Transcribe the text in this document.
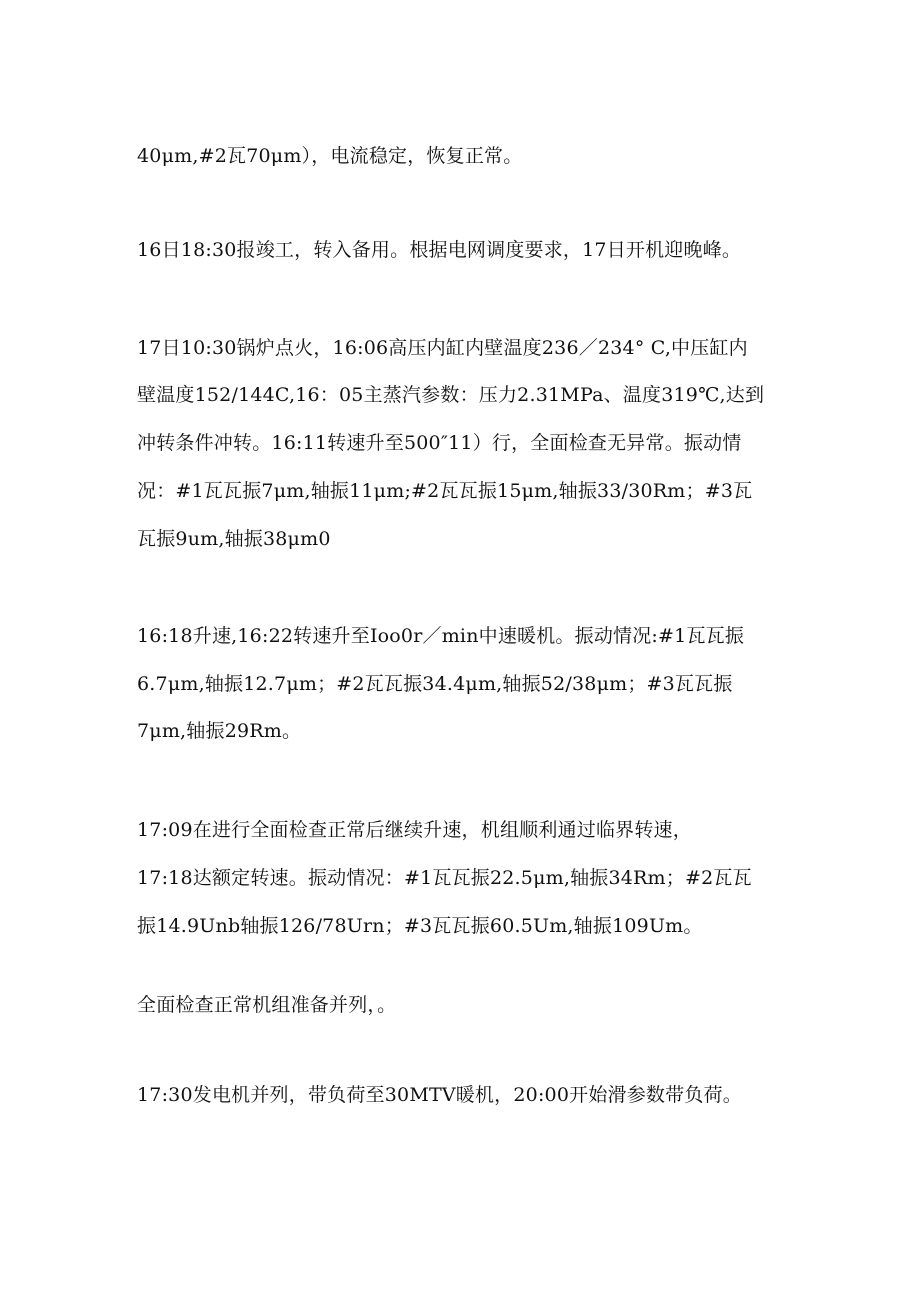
40μm,#2瓦70μm），电流稳定，恢复正常。
16日18:30报竣工，转入备用。根据电网调度要求，17日开机迎晚峰。
17日10:30锅炉点火，16:06高压内缸内壁温度236／234° C,中压缸内
壁温度152/144C,16：05主蒸汽参数：压力2.31MPa、温度319℃,达到
冲转条件冲转。16:11转速升至500″11）行，全面检查无异常。振动情
况：#1瓦瓦振7μm,轴振11μm;#2瓦瓦振15μm,轴振33/30Rm；#3瓦
瓦振9um,轴振38μm0
16:18升速,16:22转速升至Ioo0r／min中速暖机。振动情况:#1瓦瓦振
6.7μm,轴振12.7μm；#2瓦瓦振34.4μm,轴振52/38μm；#3瓦瓦振
7μm,轴振29Rm。
17:09在进行全面检查正常后继续升速，机组顺利通过临界转速，
17:18达额定转速。振动情况：#1瓦瓦振22.5μm,轴振34Rm；#2瓦瓦
振14.9Unb轴振126/78Urn；#3瓦瓦振60.5Um,轴振109Um。
全面检查正常机组准备并列，。
17:30发电机并列，带负荷至30MTV暖机，20:00开始滑参数带负荷。
